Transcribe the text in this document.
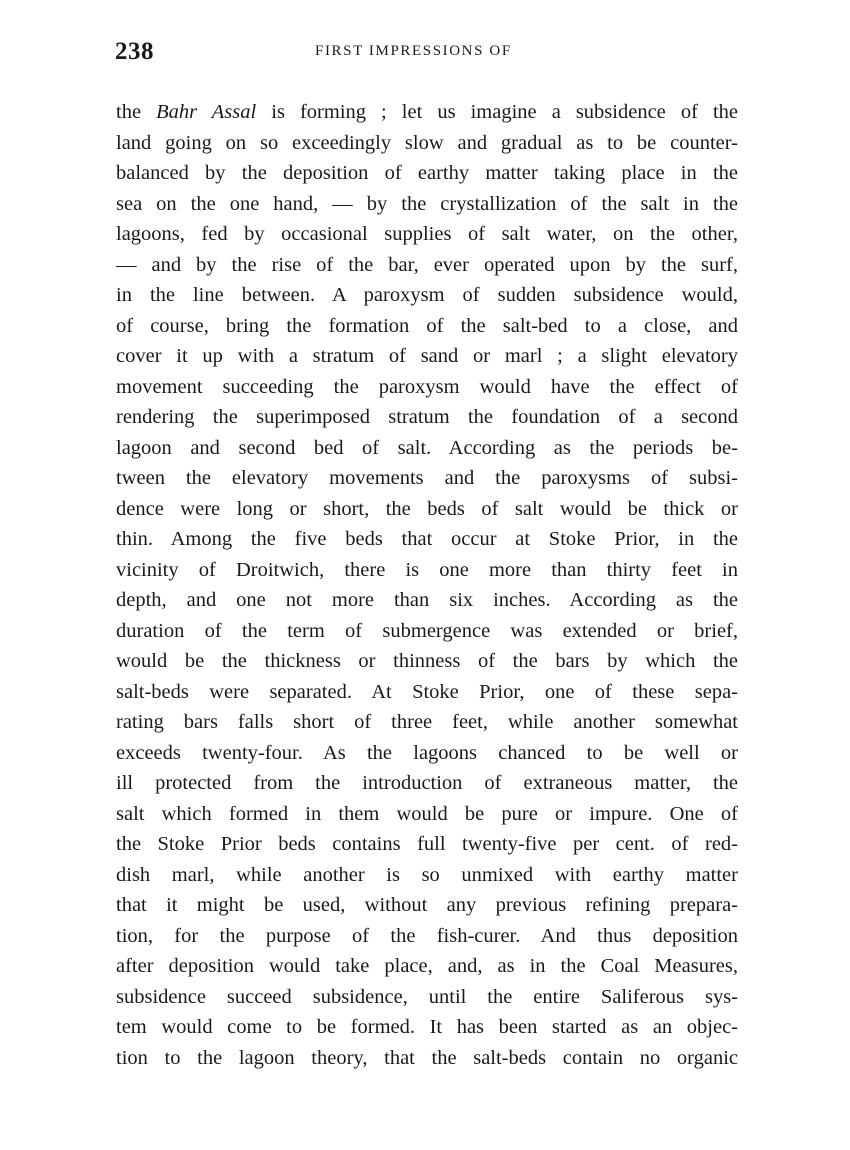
238	FIRST IMPRESSIONS OF
the Bahr Assal is forming ; let us imagine a subsidence of the
land going on so exceedingly slow and gradual as to be counter-
balanced by the deposition of earthy matter taking place in the
sea on the one hand, — by the crystallization of the salt in the
lagoons, fed by occasional supplies of salt water, on the other,
— and by the rise of the bar, ever operated upon by the surf,
in the line between. A paroxysm of sudden subsidence would,
of course, bring the formation of the salt-bed to a close, and
cover it up with a stratum of sand or marl ; a slight elevatory
movement succeeding the paroxysm would have the effect of
rendering the superimposed stratum the foundation of a second
lagoon and second bed of salt. According as the periods be-
tween the elevatory movements and the paroxysms of subsi-
dence were long or short, the beds of salt would be thick or
thin. Among the five beds that occur at Stoke Prior, in the
vicinity of Droitwich, there is one more than thirty feet in
depth, and one not more than six inches. According as the
duration of the term of submergence was extended or brief,
would be the thickness or thinness of the bars by which the
salt-beds were separated. At Stoke Prior, one of these sepa-
rating bars falls short of three feet, while another somewhat
exceeds twenty-four. As the lagoons chanced to be well or
ill protected from the introduction of extraneous matter, the
salt which formed in them would be pure or impure. One of
the Stoke Prior beds contains full twenty-five per cent. of red-
dish marl, while another is so unmixed with earthy matter
that it might be used, without any previous refining prepara-
tion, for the purpose of the fish-curer. And thus deposition
after deposition would take place, and, as in the Coal Measures,
subsidence succeed subsidence, until the entire Saliferous sys-
tem would come to be formed. It has been started as an objec-
tion to the lagoon theory, that the salt-beds contain no organic
